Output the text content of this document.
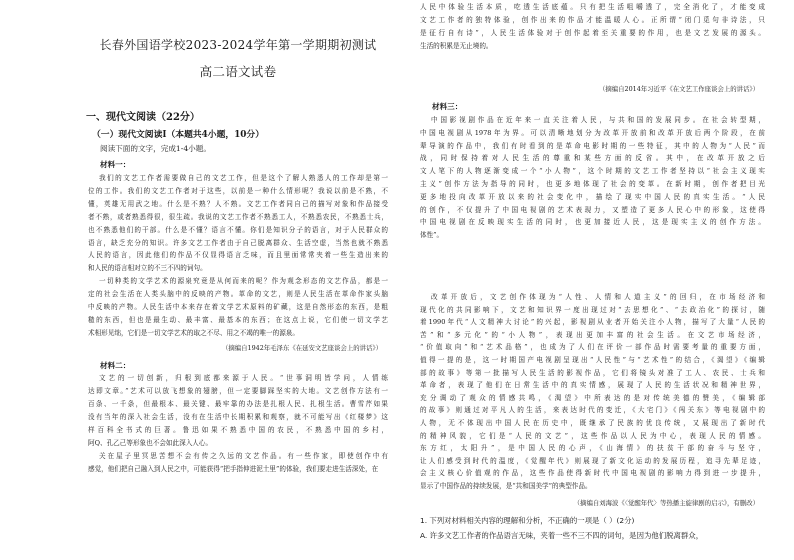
长春外国语学校2023-2024学年第一学期期初测试
高二语文试卷
一、现代文阅读（22分）
（一）现代文阅读Ⅰ（本题共4小题，10分）
阅读下面的文字，完成1-4小题。
材料一：
我们的文艺工作者需要做自己的文艺工作，但是这个了解人熟悉人的工作却是第一
位的工作。我们的文艺工作者对于这些，以前是一种什么情形呢？我说以前是不熟，不
懂，英雄无用武之地。什么是不熟？人不熟。文艺工作者同自己的描写对象和作品接受
者不熟，或者熟悉得很，很生疏。我说的文艺工作者不熟悉工人，不熟悉农民，不熟悉士兵，
也不熟悉他们的干部。什么是不懂？语言不懂。你们是知识分子的语言，对于人民群众的
语言，缺乏充分的知识。许多文艺工作者由于自己脱离群众、生活空虚，当然也就不熟悉
人民的语言，因此他们的作品不仅显得语言乏味，而且里面常常夹着一些生造出来的
和人民的语言相对立的不三不四的词句。
一切种类的文学艺术的源泉究竟是从何而来的呢？作为观念形态的文艺作品，都是一
定的社会生活在人类头脑中的反映的产物。革命的文艺，则是人民生活在革命作家头脑
中反映的产物。人民生活中本来存在着文学艺术原料的矿藏，这是自然形态的东西，是粗
糙的东西，但也是最生动、最丰富、最基本的东西；在这点上说，它们使一切文学艺
术相形见绌，它们是一切文学艺术的取之不尽、用之不竭的唯一的源泉。
（摘编自1942年毛泽东《在延安文艺座谈会上的讲话》）
材料二：
文艺的一切创新，归根到底都来源于人民。“世事洞明皆学问，人情练
达即文章。”艺术可以放飞想象的翅膀，但一定要脚踩坚实的大地。文艺创作方法有一
百条、一千条，但最根本、最关键、最牢靠的办法是扎根人民、扎根生活。曹雪芹如果
没有当年的深入社会生活，没有在生活中长期积累和观察，就不可能写出《红楼梦》这
样百科全书式的巨著。鲁迅如果不熟悉中国的农民，不熟悉中国的乡村，
阿Q、孔乙己等形象也不会如此深入人心。
关在屋子里冥思苦想不会有传之久远的文艺作品。有一些作家，即使创作中有
感觉，他们把自己融入到人民之中，可能获得“把手指伸进泥土里”的体验，我们要走进生活深处，在
人民中体验生活本质，吃透生活底蕴。只有把生活咀嚼透了，完全消化了，才能变成
文艺工作者的独特体验，创作出来的作品才能温暖人心。正所谓“闭门觅句非诗法，只
是征行自有诗”，人民生活体验对于创作起着至关重要的作用，也是文艺发展的源头。
生活的积累是无止境的。
（摘编自2014年习近平《在文艺工作座谈会上的讲话》）
材料三：
中国影视剧作品在近年来一直关注着人民，与共和国的发展同步。在社会转型期，
中国电视剧从1978年为界。可以清晰地划分为改革开放前和改革开放后两个阶段，在前
辈导演的作品中，我们有时看到的是革命电影时期的一些特征，其中的人物为“人民”而
战，同时保持着对人民生活的尊重和某些方面的反省。其中，在改革开放之后
文人笔下的人物逐渐变成一个“小人物”，这个时期的文艺工作者坚持以“社会主义现实
主义”创作方法为指导的同时，也更多地体现了社会的变革。在新时期，创作者把目光
更多地投向改革开放以来的社会变化中，描绘了现实中国人民的真实生活。“人民
的创作，不仅提升了中国电视剧的艺术表现力，又塑造了更多人民心中的形象，这使得
中国电视剧在反映现实生活的同时，也更加接近人民，这是现实主义的创作方法。
体性”。
改革开放后，文艺创作体现为“人性、人情和人道主义”的回归，在市场经济和
现代化的共同影响下，文艺和知识界一度出现过对“去思想化”、“去政治化”的探讨，随
着1990年代“人文精神大讨论”的兴起，影视剧从业者开始关注小人物，描写了大量“人民的
苦”和“多元化”的“小人物”，表现出更加丰富的社会生活。在文艺市场经济，
“价值取向”和“艺术品格”，也成为了人们在评价一部作品时需要考量的重要方面，
值得一提的是，这一时期国产电视剧呈现出“人民性”与“艺术性”的结合，《渴望》《编辑
部的故事》等第一批描写人民生活的影视作品，它们将镜头对准了工人、农民、士兵和
革命者，表现了他们在日常生活中的真实情感，展现了人民的生活状况和精神世界，
充分调动了观众的情感共鸣，《渴望》中所表达的是对传统美德的赞美，《编辑部
的故事》则通过对平凡人的生活，来表达时代的变迁，《大宅门》《闯关东》等电视剧中的
人物，无不体现出中国人民在历史中，既继承了民族的优良传统，又展现出了新时代
的精神风貌，它们是“人民的文艺”，这些作品以人民为中心，表现人民的情感。
东方红，太阳升”，是中国人民的心声，《山海情》的扶贫干部的奋斗与坚守，
让人们感受到时代的温度，《觉醒年代》则展现了新文化运动的发展历程，追寻先辈足迹，
会主义核心价值观的作品，这些作品使得新时代中国电视剧的影响力得到进一步提升，
显示了中国作品的持续发展，是“共和国美学”的典型作品。
（摘编自刘海波《〈觉醒年代〉等热播主旋律剧的启示》，有删改）
1. 下列对材料相关内容的理解和分析，不正确的一项是（ ）(2分)
A. 许多文艺工作者的作品语言无味，夹着一些不三不四的词句，是因为他们脱离群众，
